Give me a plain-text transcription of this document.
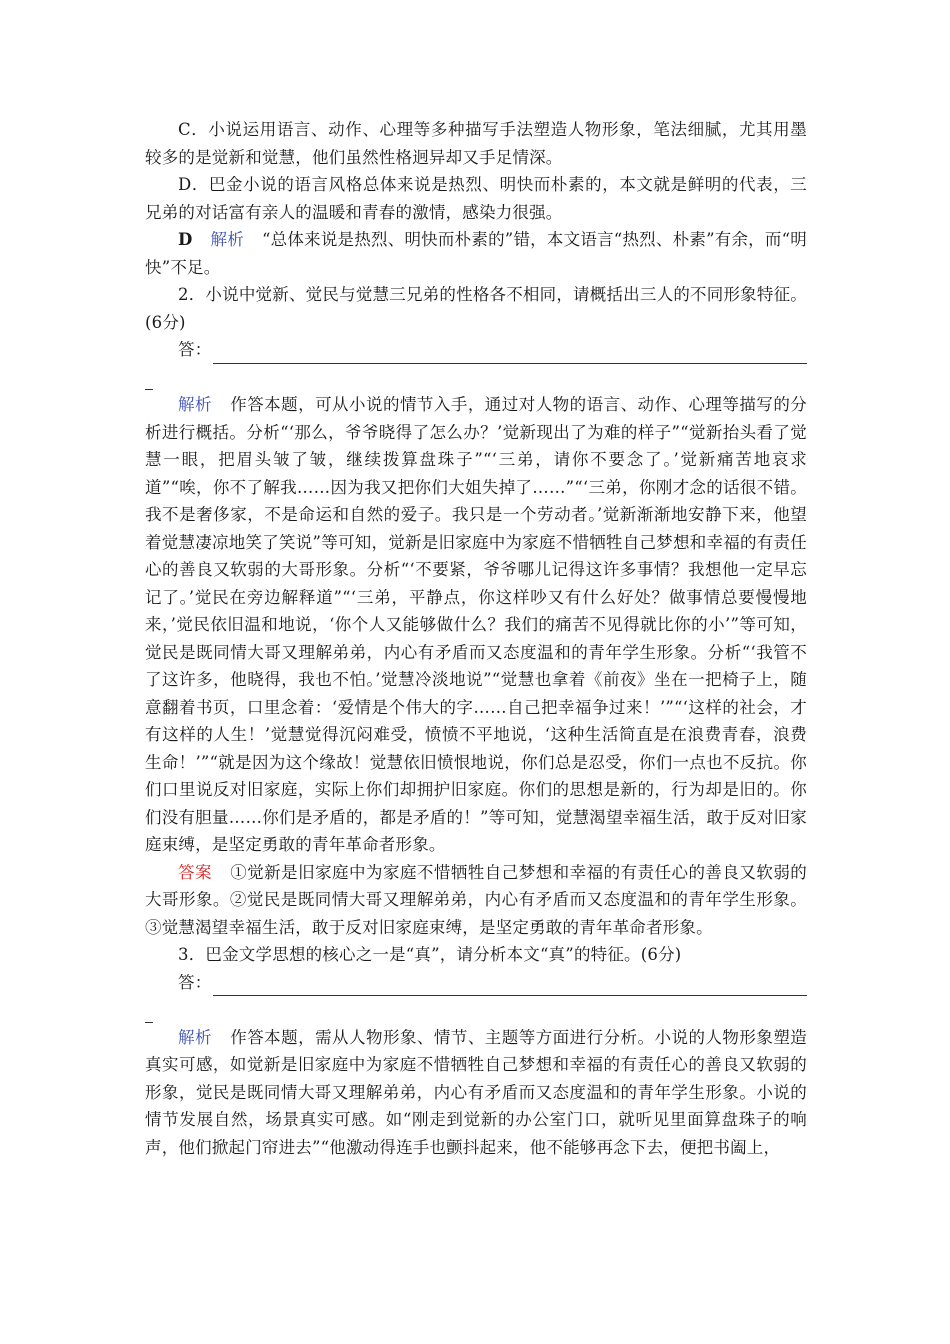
C．小说运用语言、动作、心理等多种描写手法塑造人物形象，笔法细腻，尤其用墨较多的是觉新和觉慧，他们虽然性格迥异却又手足情深。

D．巴金小说的语言风格总体来说是热烈、明快而朴素的，本文就是鲜明的代表，三兄弟的对话富有亲人的温暖和青春的激情，感染力很强。

D 解析 “总体来说是热烈、明快而朴素的”错，本文语言“热烈、朴素”有余，而“明快”不足。

2．小说中觉新、觉民与觉慧三兄弟的性格各不相同，请概括出三人的不同形象特征。(6分)

答：

解析 作答本题，可从小说的情节入手，通过对人物的语言、动作、心理等描写的分析进行概括。分析“‘那么，爷爷晓得了怎么办？’觉新现出了为难的样子”“觉新抬头看了觉慧一眼，把眉头皱了皱，继续拨算盘珠子”“‘三弟，请你不要念了。’觉新痛苦地哀求道”“唉，你不了解我……因为我又把你们大姐失掉了……”“‘三弟，你刚才念的话很不错。我不是奢侈家，不是命运和自然的爱子。我只是一个劳动者。’觉新渐渐地安静下来，他望着觉慧凄凉地笑了笑说”等可知，觉新是旧家庭中为家庭不惜牺牲自己梦想和幸福的有责任心的善良又软弱的大哥形象。分析“‘不要紧，爷爷哪儿记得这许多事情？我想他一定早忘记了。’觉民在旁边解释道”“‘三弟，平静点，你这样吵又有什么好处？做事情总要慢慢地来，’觉民依旧温和地说，‘你个人又能够做什么？我们的痛苦不见得就比你的小’”等可知，觉民是既同情大哥又理解弟弟，内心有矛盾而又态度温和的青年学生形象。分析“‘我管不了这许多，他晓得，我也不怕。’觉慧冷淡地说”“觉慧也拿着《前夜》坐在一把椅子上，随意翻着书页，口里念着：‘爱情是个伟大的字……自己把幸福争过来！’”“‘这样的社会，才有这样的人生！’觉慧觉得沉闷难受，愤愤不平地说，‘这种生活简直是在浪费青春，浪费生命！’”“就是因为这个缘故！觉慧依旧愤恨地说，你们总是忍受，你们一点也不反抗。你们口里说反对旧家庭，实际上你们却拥护旧家庭。你们的思想是新的，行为却是旧的。你们没有胆量……你们是矛盾的，都是矛盾的！”等可知，觉慧渴望幸福生活，敢于反对旧家庭束缚，是坚定勇敢的青年革命者形象。

答案 ①觉新是旧家庭中为家庭不惜牺牲自己梦想和幸福的有责任心的善良又软弱的大哥形象。②觉民是既同情大哥又理解弟弟，内心有矛盾而又态度温和的青年学生形象。③觉慧渴望幸福生活，敢于反对旧家庭束缚，是坚定勇敢的青年革命者形象。

3．巴金文学思想的核心之一是“真”，请分析本文“真”的特征。(6分)

答：

解析 作答本题，需从人物形象、情节、主题等方面进行分析。小说的人物形象塑造真实可感，如觉新是旧家庭中为家庭不惜牺牲自己梦想和幸福的有责任心的善良又软弱的形象，觉民是既同情大哥又理解弟弟，内心有矛盾而又态度温和的青年学生形象。小说的情节发展自然，场景真实可感。如“刚走到觉新的办公室门口，就听见里面算盘珠子的响声，他们掀起门帘进去”“他激动得连手也颤抖起来，他不能够再念下去，便把书阖上，
